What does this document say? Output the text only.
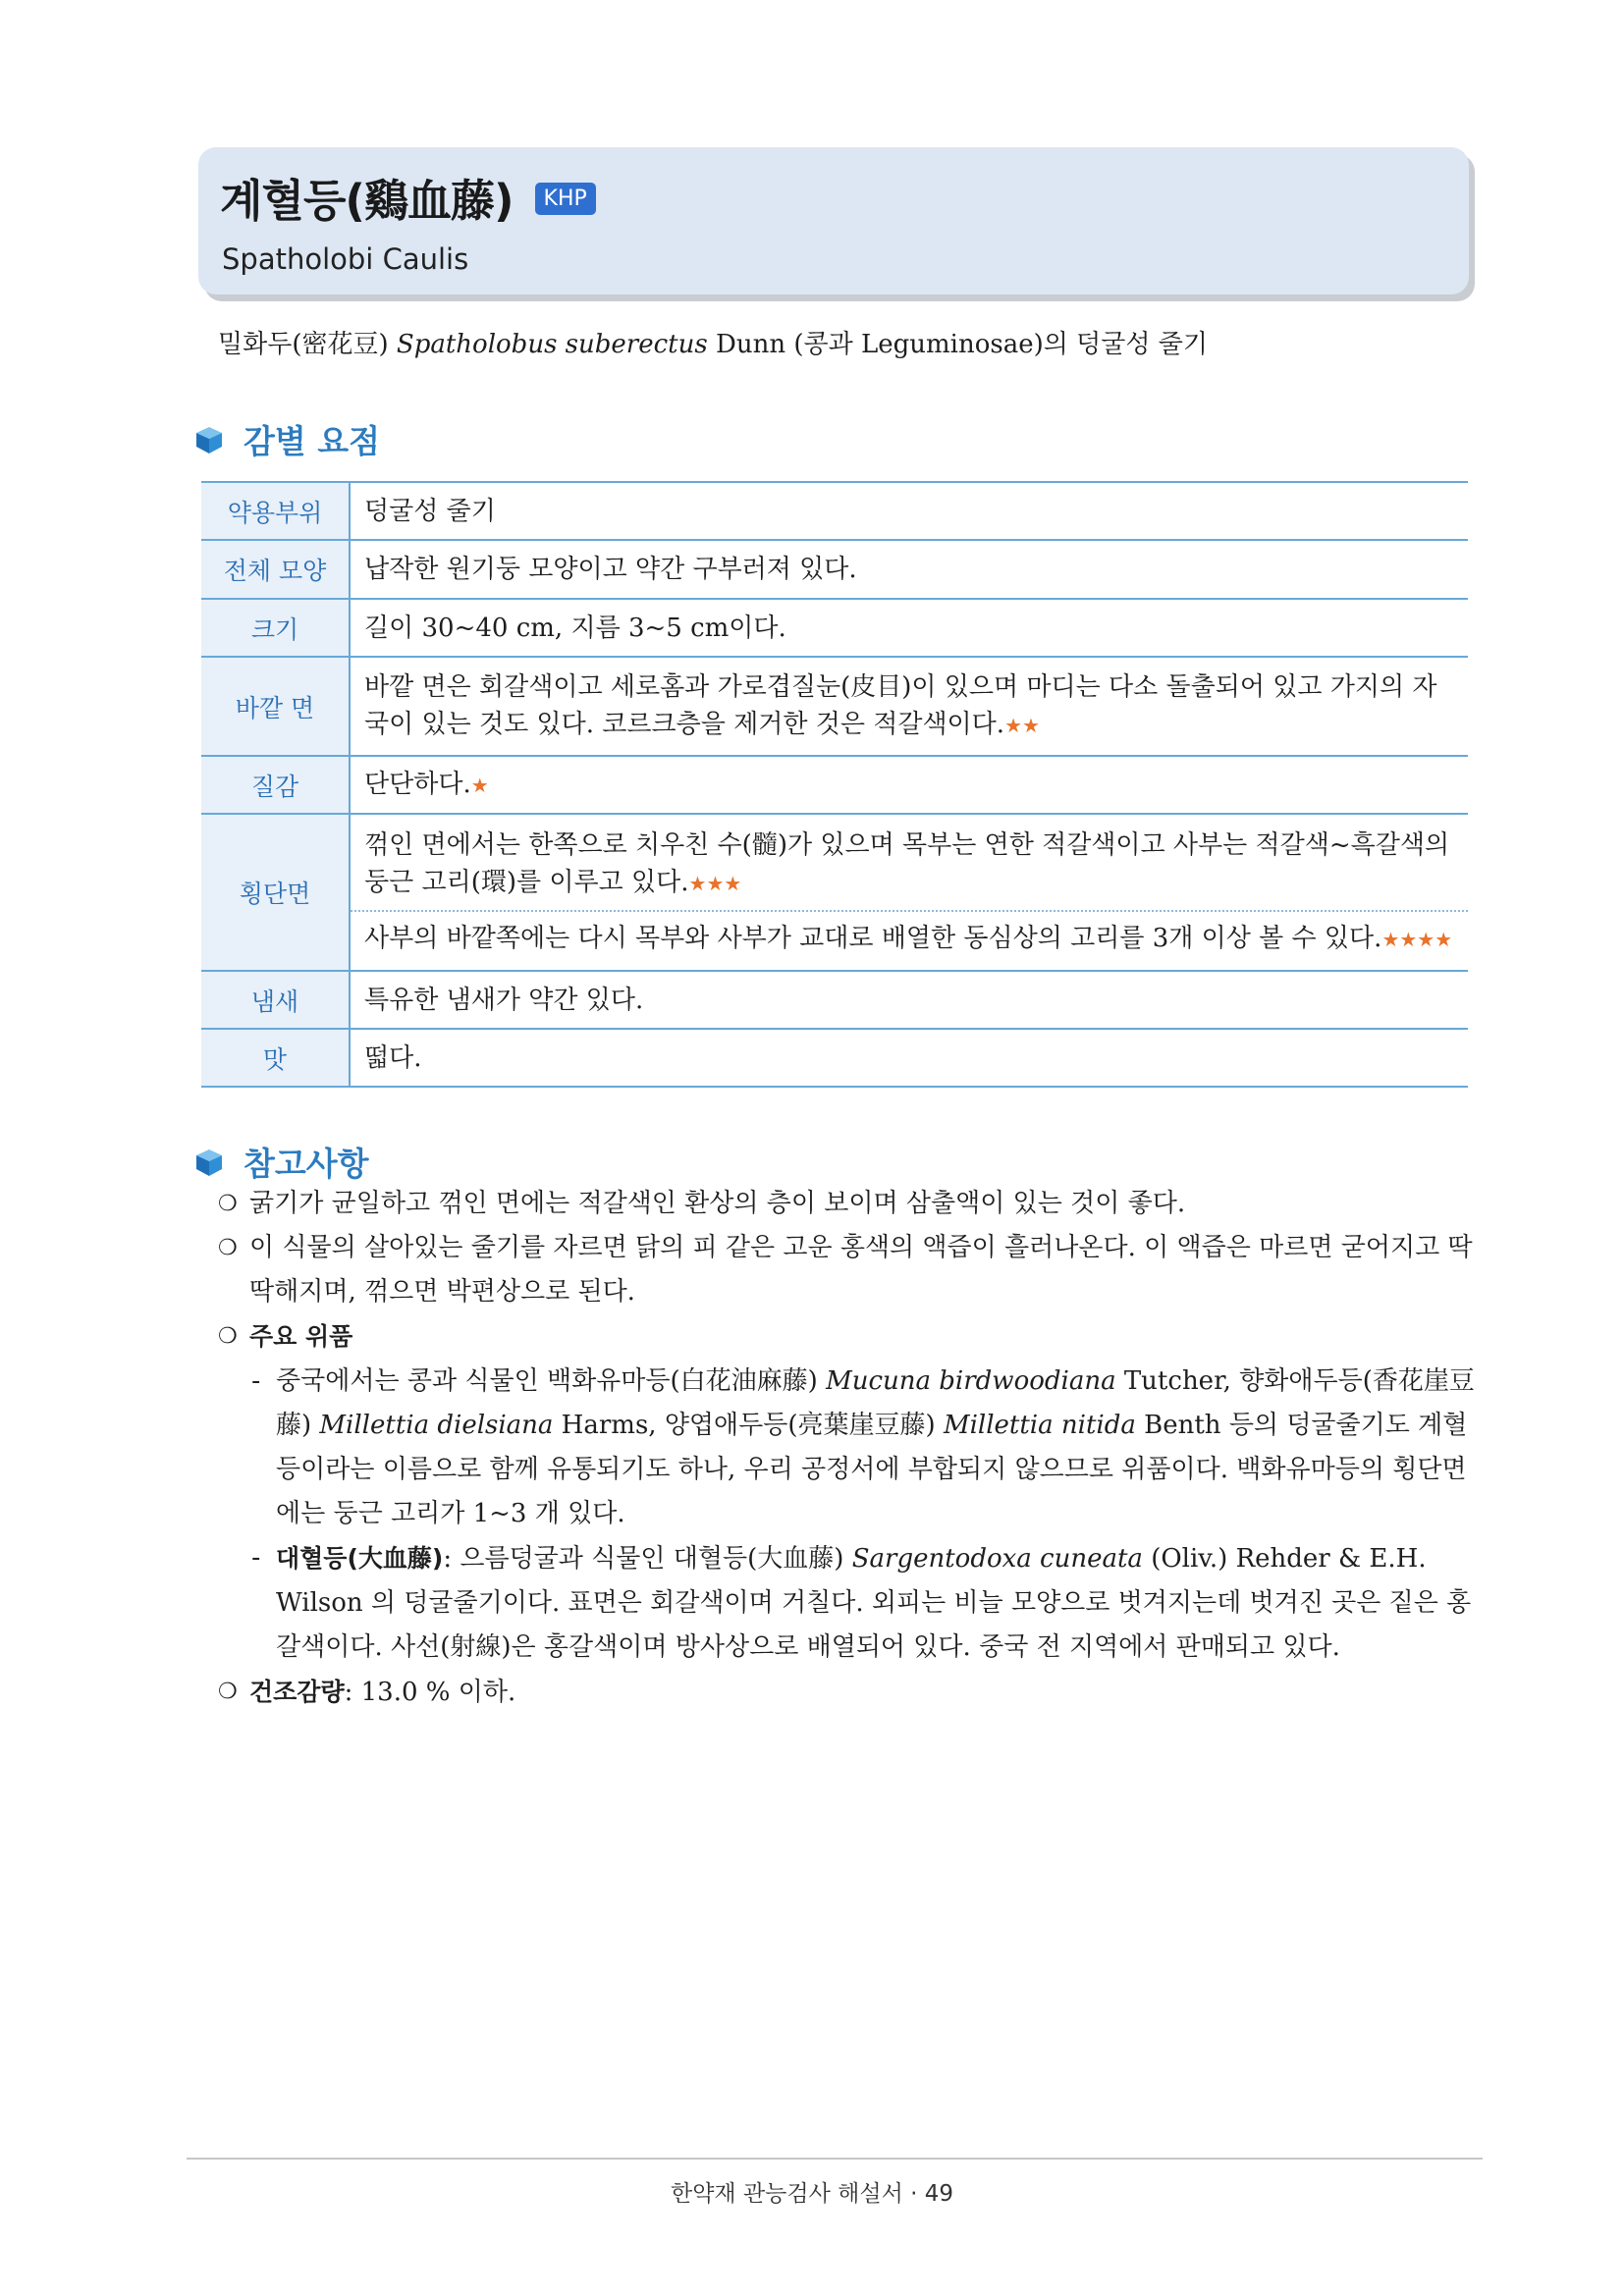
계혈등(鷄血藤)	KHP
Spatholobi Caulis
밀화두(密花豆) Spatholobus suberectus Dunn (콩과 Leguminosae)의 덩굴성 줄기
감별 요점
약용부위	덩굴성 줄기
전체 모양	납작한 원기둥 모양이고 약간 구부러져 있다.
크기	길이 30~40 cm, 지름 3~5 cm이다.
바깥 면	바깥 면은 회갈색이고 세로홈과 가로겹질눈(皮目)이 있으며 마디는 다소 돌출되어 있고 가지의 자국이 있는 것도 있다. 코르크층을 제거한 것은 적갈색이다.★★
질감	단단하다.★
횡단면	꺾인 면에서는 한쪽으로 치우친 수(髓)가 있으며 목부는 연한 적갈색이고 사부는 적갈색~흑갈색의 둥근 고리(環)를 이루고 있다.★★★
사부의 바깥쪽에는 다시 목부와 사부가 교대로 배열한 동심상의 고리를 3개 이상 볼 수 있다.★★★★

냄새	특유한 냄새가 약간 있다.
맛	떫다.
참고사항
❍ 굵기가 균일하고 꺾인 면에는 적갈색인 환상의 층이 보이며 삼출액이 있는 것이 좋다.
❍ 이 식물의 살아있는 줄기를 자르면 닭의 피 같은 고운 홍색의 액즙이 흘러나온다. 이 액즙은 마르면 굳어지고 딱딱해지며, 꺾으면 박편상으로 된다.
❍ 주요 위품
- 중국에서는 콩과 식물인 백화유마등(白花油麻藤) Mucuna birdwoodiana Tutcher, 향화애두등(香花崖豆藤) Millettia dielsiana Harms, 양엽애두등(亮葉崖豆藤) Millettia nitida Benth 등의 덩굴줄기도 계혈등이라는 이름으로 함께 유통되기도 하나, 우리 공정서에 부합되지 않으므로 위품이다. 백화유마등의 횡단면에는 둥근 고리가 1~3 개 있다.
- 대혈등(大血藤): 으름덩굴과 식물인 대혈등(大血藤) Sargentodoxa cuneata (Oliv.) Rehder & E.H. Wilson 의 덩굴줄기이다. 표면은 회갈색이며 거칠다. 외피는 비늘 모양으로 벗겨지는데 벗겨진 곳은 짙은 홍갈색이다. 사선(射線)은 홍갈색이며 방사상으로 배열되어 있다. 중국 전 지역에서 판매되고 있다.
❍ 건조감량: 13.0 % 이하.
한약재 관능검사 해설서 · 49
